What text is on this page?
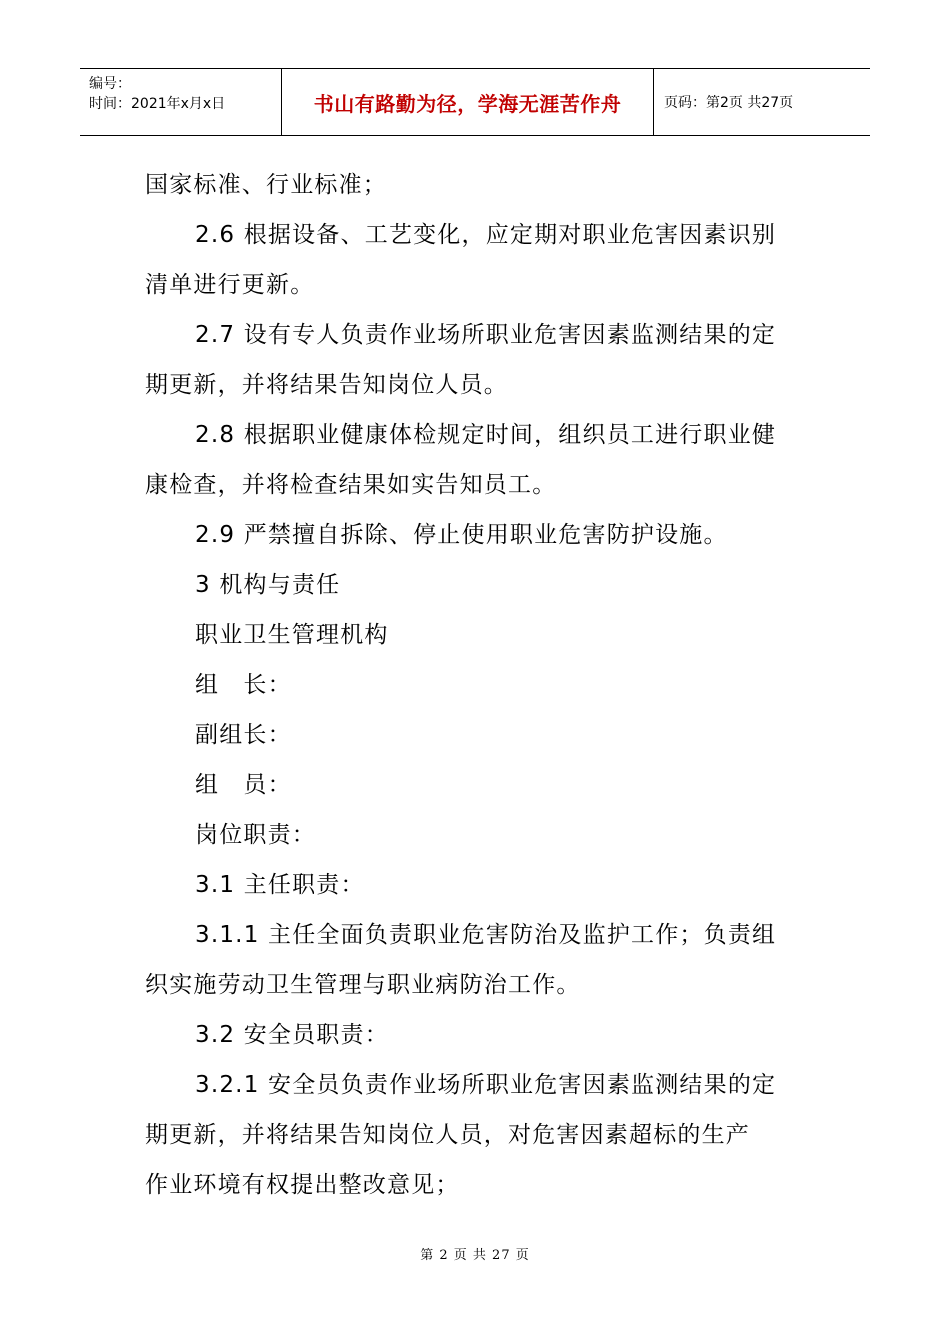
编号：
时间：2021年x月x日	书山有路勤为径，学海无涯苦作舟	页码：第2页 共27页
国家标准、行业标准；
2.6 根据设备、工艺变化，应定期对职业危害因素识别
清单进行更新。
2.7 设有专人负责作业场所职业危害因素监测结果的定
期更新，并将结果告知岗位人员。
2.8 根据职业健康体检规定时间，组织员工进行职业健
康检查，并将检查结果如实告知员工。
2.9 严禁擅自拆除、停止使用职业危害防护设施。
3 机构与责任
职业卫生管理机构
组　长：
副组长：
组　员：
岗位职责：
3.1 主任职责：
3.1.1 主任全面负责职业危害防治及监护工作；负责组
织实施劳动卫生管理与职业病防治工作。
3.2 安全员职责：
3.2.1 安全员负责作业场所职业危害因素监测结果的定
期更新，并将结果告知岗位人员，对危害因素超标的生产
作业环境有权提出整改意见；
第 2 页 共 27 页
